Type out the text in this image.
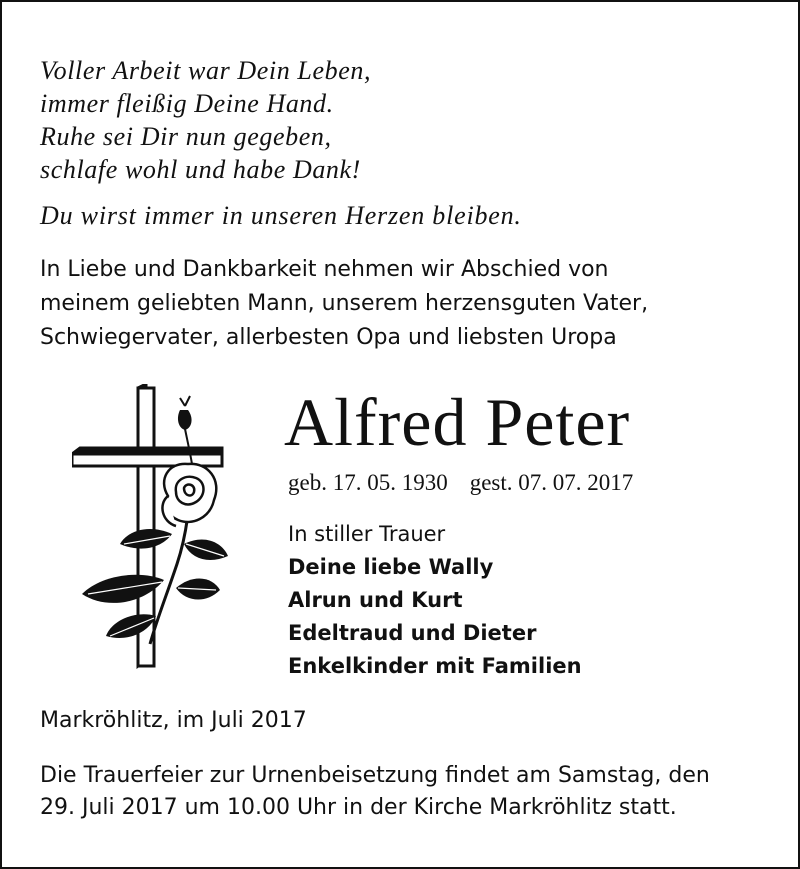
Voller Arbeit war Dein Leben,
immer fleißig Deine Hand.
Ruhe sei Dir nun gegeben,
schlafe wohl und habe Dank!
Du wirst immer in unseren Herzen bleiben.
In Liebe und Dankbarkeit nehmen wir Abschied von
meinem geliebten Mann, unserem herzensguten Vater,
Schwiegervater, allerbesten Opa und liebsten Uropa
Alfred Peter
geb. 17. 05. 1930 gest. 07. 07. 2017
In stiller Trauer
Deine liebe Wally
Alrun und Kurt
Edeltraud und Dieter
Enkelkinder mit Familien
Markröhlitz, im Juli 2017
Die Trauerfeier zur Urnenbeisetzung findet am Samstag, den
29. Juli 2017 um 10.00 Uhr in der Kirche Markröhlitz statt.
